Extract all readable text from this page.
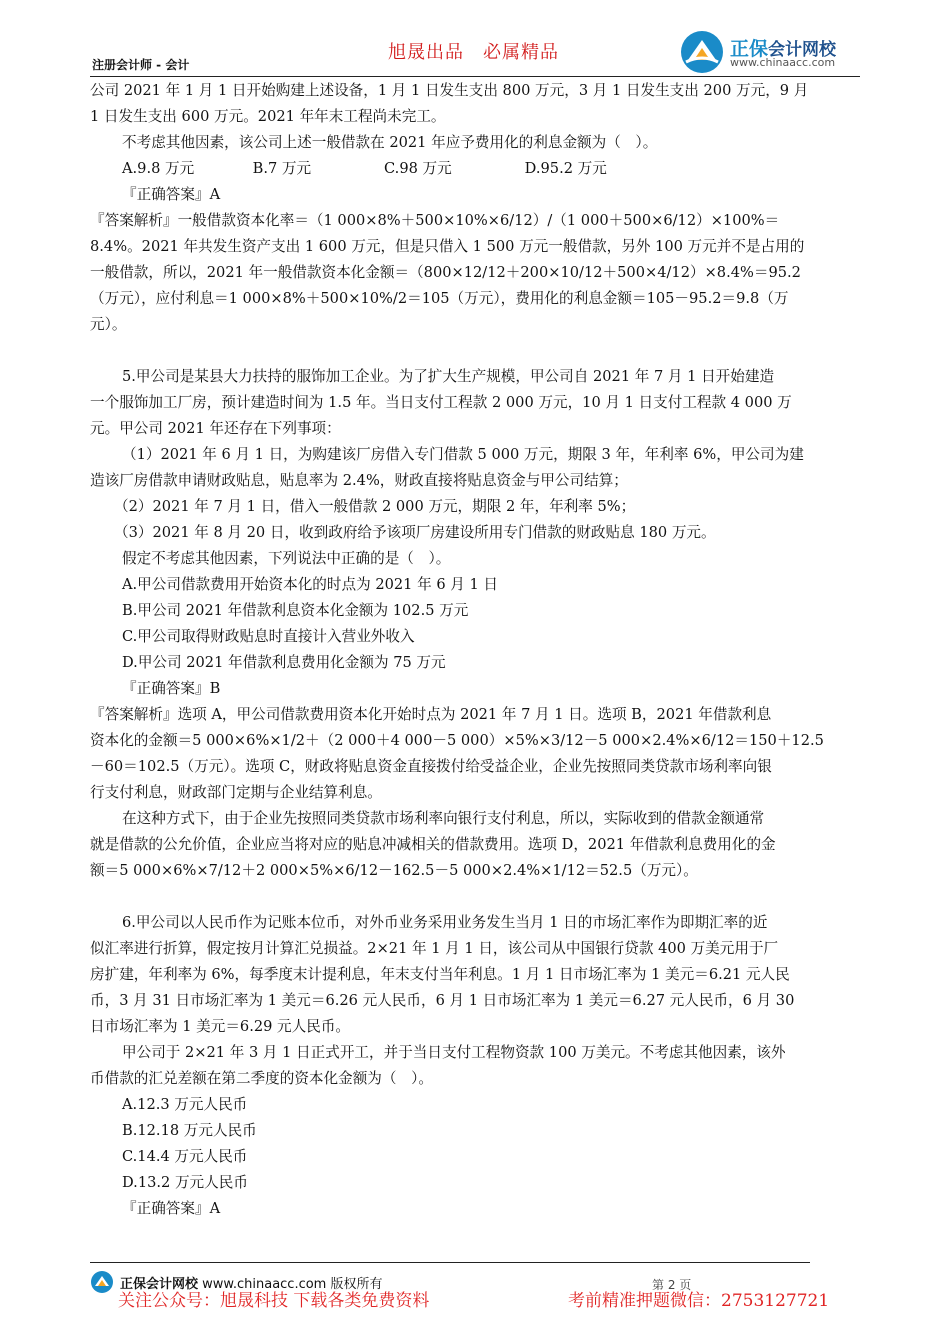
旭晟出品　必属精品
注册会计师 - 会计
正保会计网校
www.chinaacc.com
公司 2021 年 1 月 1 日开始购建上述设备，1 月 1 日发生支出 800 万元，3 月 1 日发生支出 200 万元，9 月
1 日发生支出 600 万元。2021 年年末工程尚未完工。
不考虑其他因素，该公司上述一般借款在 2021 年应予费用化的利息金额为（　）。
A.9.8 万元　　　　B.7 万元　　　　　C.98 万元　　　　　D.95.2 万元
『正确答案』A
『答案解析』一般借款资本化率＝（1 000×8%＋500×10%×6/12）/（1 000＋500×6/12）×100%＝
8.4%。2021 年共发生资产支出 1 600 万元，但是只借入 1 500 万元一般借款，另外 100 万元并不是占用的
一般借款，所以，2021 年一般借款资本化金额＝（800×12/12＋200×10/12＋500×4/12）×8.4%＝95.2
（万元），应付利息＝1 000×8%＋500×10%/2＝105（万元），费用化的利息金额＝105－95.2＝9.8（万
元）。
5.甲公司是某县大力扶持的服饰加工企业。为了扩大生产规模，甲公司自 2021 年 7 月 1 日开始建造
一个服饰加工厂房，预计建造时间为 1.5 年。当日支付工程款 2 000 万元，10 月 1 日支付工程款 4 000 万
元。甲公司 2021 年还存在下列事项：
（1）2021 年 6 月 1 日，为购建该厂房借入专门借款 5 000 万元，期限 3 年，年利率 6%，甲公司为建
造该厂房借款申请财政贴息，贴息率为 2.4%，财政直接将贴息资金与甲公司结算；
（2）2021 年 7 月 1 日，借入一般借款 2 000 万元，期限 2 年，年利率 5%；
（3）2021 年 8 月 20 日，收到政府给予该项厂房建设所用专门借款的财政贴息 180 万元。
假定不考虑其他因素，下列说法中正确的是（　）。
A.甲公司借款费用开始资本化的时点为 2021 年 6 月 1 日
B.甲公司 2021 年借款利息资本化金额为 102.5 万元
C.甲公司取得财政贴息时直接计入营业外收入
D.甲公司 2021 年借款利息费用化金额为 75 万元
『正确答案』B
『答案解析』选项 A，甲公司借款费用资本化开始时点为 2021 年 7 月 1 日。选项 B，2021 年借款利息
资本化的金额＝5 000×6%×1/2＋（2 000＋4 000－5 000）×5%×3/12－5 000×2.4%×6/12＝150＋12.5
－60＝102.5（万元）。选项 C，财政将贴息资金直接拨付给受益企业，企业先按照同类贷款市场利率向银
行支付利息，财政部门定期与企业结算利息。
在这种方式下，由于企业先按照同类贷款市场利率向银行支付利息，所以，实际收到的借款金额通常
就是借款的公允价值，企业应当将对应的贴息冲减相关的借款费用。选项 D，2021 年借款利息费用化的金
额＝5 000×6%×7/12＋2 000×5%×6/12－162.5－5 000×2.4%×1/12＝52.5（万元）。
6.甲公司以人民币作为记账本位币，对外币业务采用业务发生当月 1 日的市场汇率作为即期汇率的近
似汇率进行折算，假定按月计算汇兑损益。2×21 年 1 月 1 日，该公司从中国银行贷款 400 万美元用于厂
房扩建，年利率为 6%，每季度末计提利息，年末支付当年利息。1 月 1 日市场汇率为 1 美元＝6.21 元人民
币，3 月 31 日市场汇率为 1 美元＝6.26 元人民币，6 月 1 日市场汇率为 1 美元＝6.27 元人民币，6 月 30
日市场汇率为 1 美元＝6.29 元人民币。
甲公司于 2×21 年 3 月 1 日正式开工，并于当日支付工程物资款 100 万美元。不考虑其他因素，该外
币借款的汇兑差额在第二季度的资本化金额为（　）。
A.12.3 万元人民币
B.12.18 万元人民币
C.14.4 万元人民币
D.13.2 万元人民币
『正确答案』A
正保会计网校 www.chinaacc.com 版权所有	第 2 页
关注公众号：旭晟科技 下载各类免费资料	考前精准押题微信：2753127721
